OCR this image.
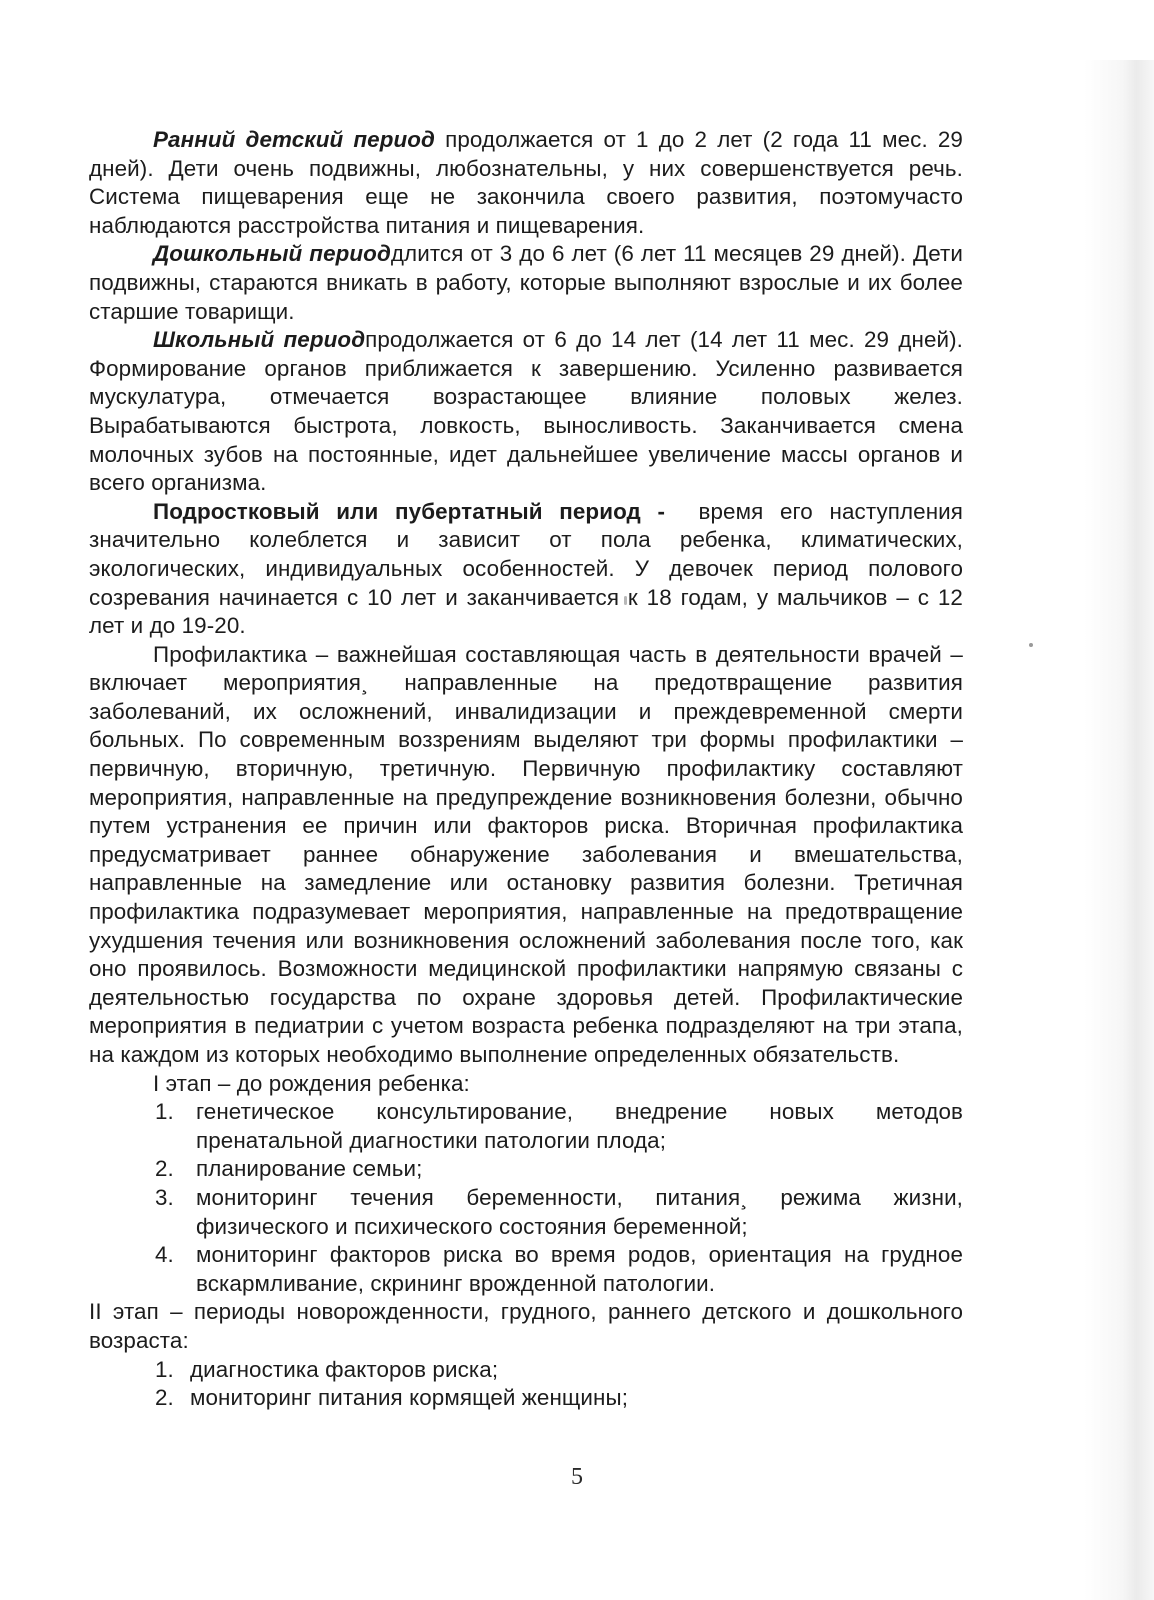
Ранний детский период продолжается от 1 до 2 лет (2 года 11 мес. 29 дней). Дети очень подвижны, любознательны, у них совершенствуется речь. Система пищеварения еще не закончила своего развития, поэтомучасто наблюдаются расстройства питания и пищеварения.

Дошкольный периоддлится от 3 до 6 лет (6 лет 11 месяцев 29 дней). Дети подвижны, стараются вникать в работу, которые выполняют взрослые и их более старшие товарищи.

Школьный периодпродолжается от 6 до 14 лет (14 лет 11 мес. 29 дней). Формирование органов приближается к завершению. Усиленно развивается мускулатура, отмечается возрастающее влияние половых желез. Вырабатываются быстрота, ловкость, выносливость. Заканчивается смена молочных зубов на постоянные, идет дальнейшее увеличение массы органов и всего организма.

Подростковый или пубертатный период -  время его наступления значительно колеблется и зависит от пола ребенка, климатических, экологических, индивидуальных особенностей. У девочек период полового созревания начинается с 10 лет и заканчивается к 18 годам, у мальчиков – с 12 лет и до 19-20.

Профилактика – важнейшая составляющая часть в деятельности врачей – включает мероприятия¸ направленные на предотвращение развития заболеваний, их осложнений, инвалидизации и преждевременной смерти больных. По современным воззрениям выделяют три формы профилактики – первичную, вторичную, третичную. Первичную профилактику составляют мероприятия, направленные на предупреждение возникновения болезни, обычно путем устранения ее причин или факторов риска. Вторичная профилактика предусматривает раннее обнаружение заболевания и вмешательства, направленные на замедление или остановку развития болезни. Третичная профилактика подразумевает мероприятия, направленные на предотвращение ухудшения течения или возникновения осложнений заболевания после того, как оно проявилось. Возможности медицинской профилактики напрямую связаны с деятельностью государства по охране здоровья детей. Профилактические мероприятия в педиатрии с учетом возраста ребенка подразделяют на три этапа, на каждом из которых необходимо выполнение определенных обязательств.

I этап – до рождения ребенка:

1. генетическое консультирование, внедрение новых методов пренатальной диагностики патологии плода;
2. планирование семьи;
3. мониторинг течения беременности, питания¸ режима жизни, физического и психического состояния беременной;
4. мониторинг факторов риска во время родов, ориентация на грудное вскармливание, скрининг врожденной патологии.

II этап – периоды новорожденности, грудного, раннего детского и дошкольного возраста:

1. диагностика факторов риска;
2. мониторинг питания кормящей женщины;
5
